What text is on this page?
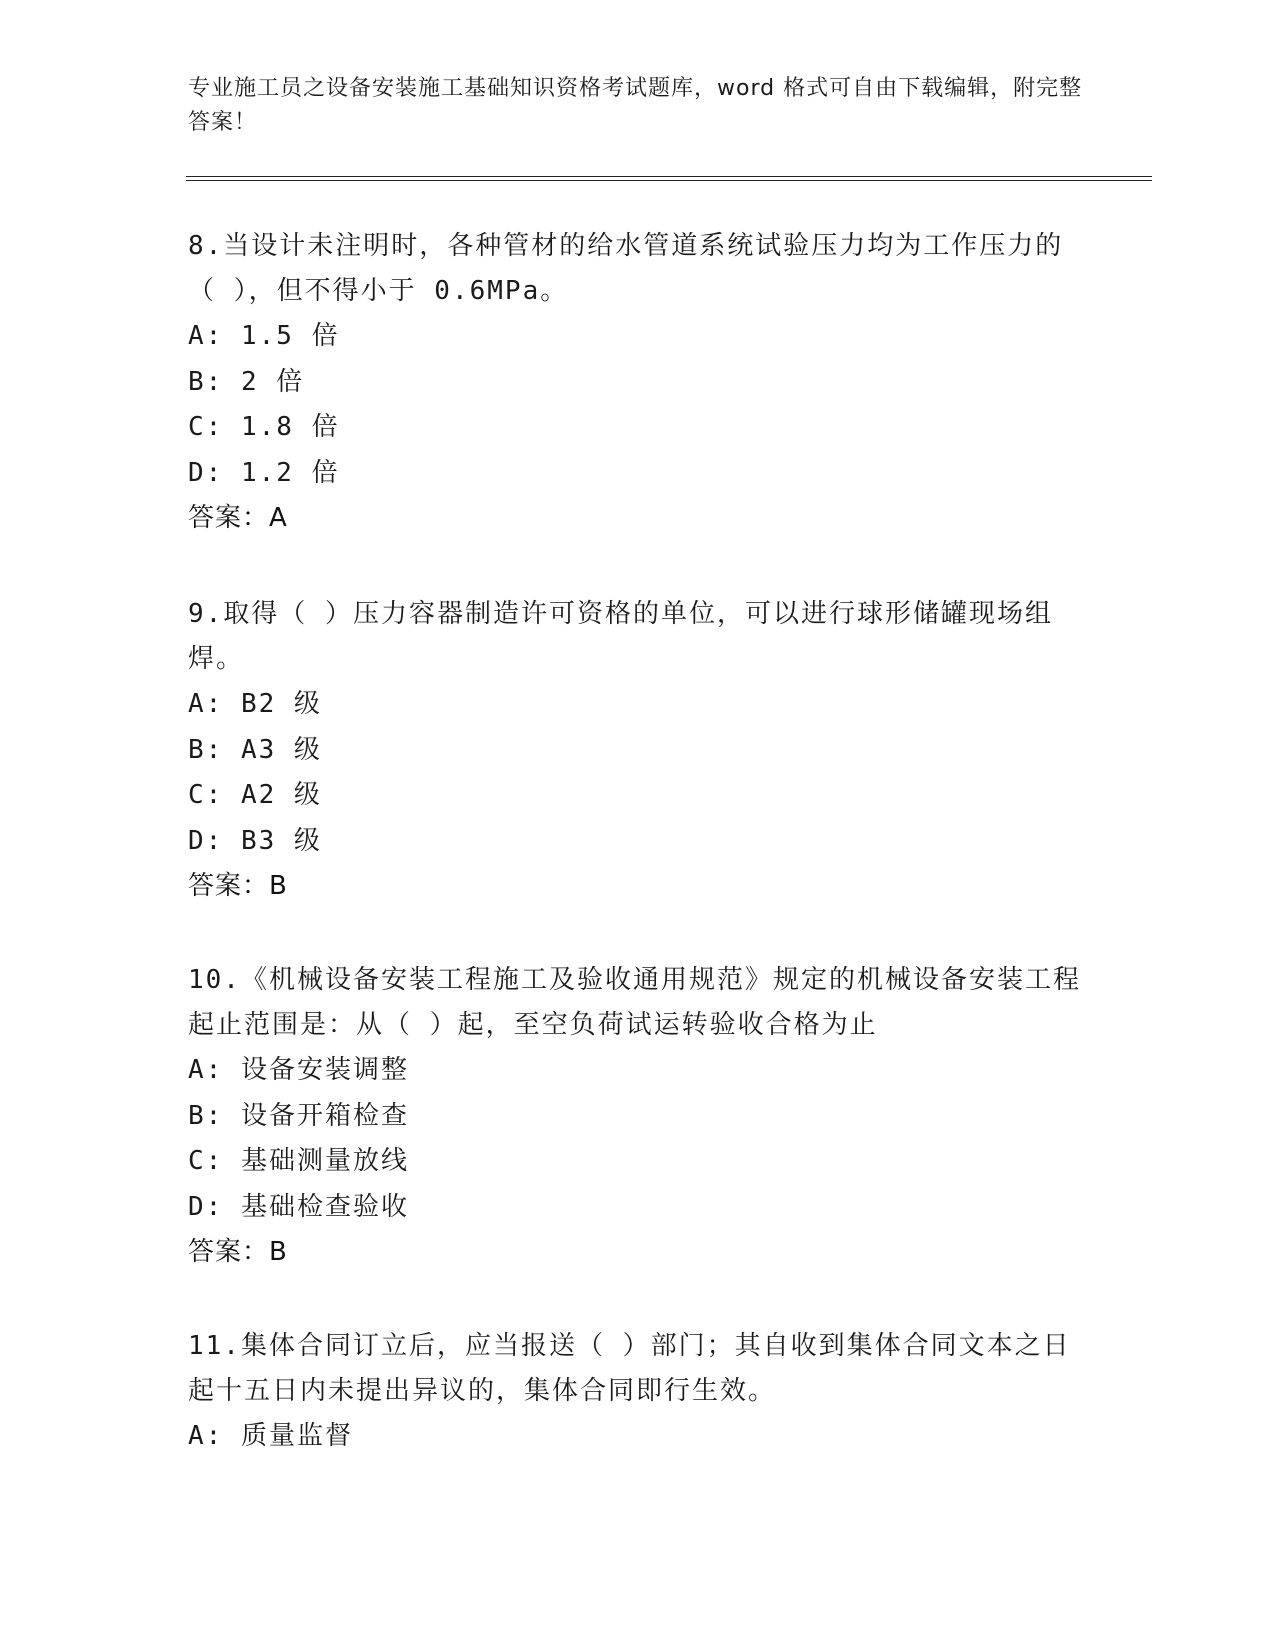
专业施工员之设备安装施工基础知识资格考试题库，word 格式可自由下载编辑，附完整答案！

8.当设计未注明时，各种管材的给水管道系统试验压力均为工作压力的（ ），但不得小于 0.6MPa。

A: 1.5 倍

B: 2 倍

C: 1.8 倍

D: 1.2 倍

答案：A

9.取得（ ）压力容器制造许可资格的单位，可以进行球形储罐现场组焊。

A: B2 级

B: A3 级

C: A2 级

D: B3 级

答案：B

10.《机械设备安装工程施工及验收通用规范》规定的机械设备安装工程起止范围是：从（ ）起，至空负荷试运转验收合格为止

A: 设备安装调整

B: 设备开箱检查

C: 基础测量放线

D: 基础检查验收

答案：B

11.集体合同订立后，应当报送（ ）部门；其自收到集体合同文本之日起十五日内未提出异议的，集体合同即行生效。

A: 质量监督
